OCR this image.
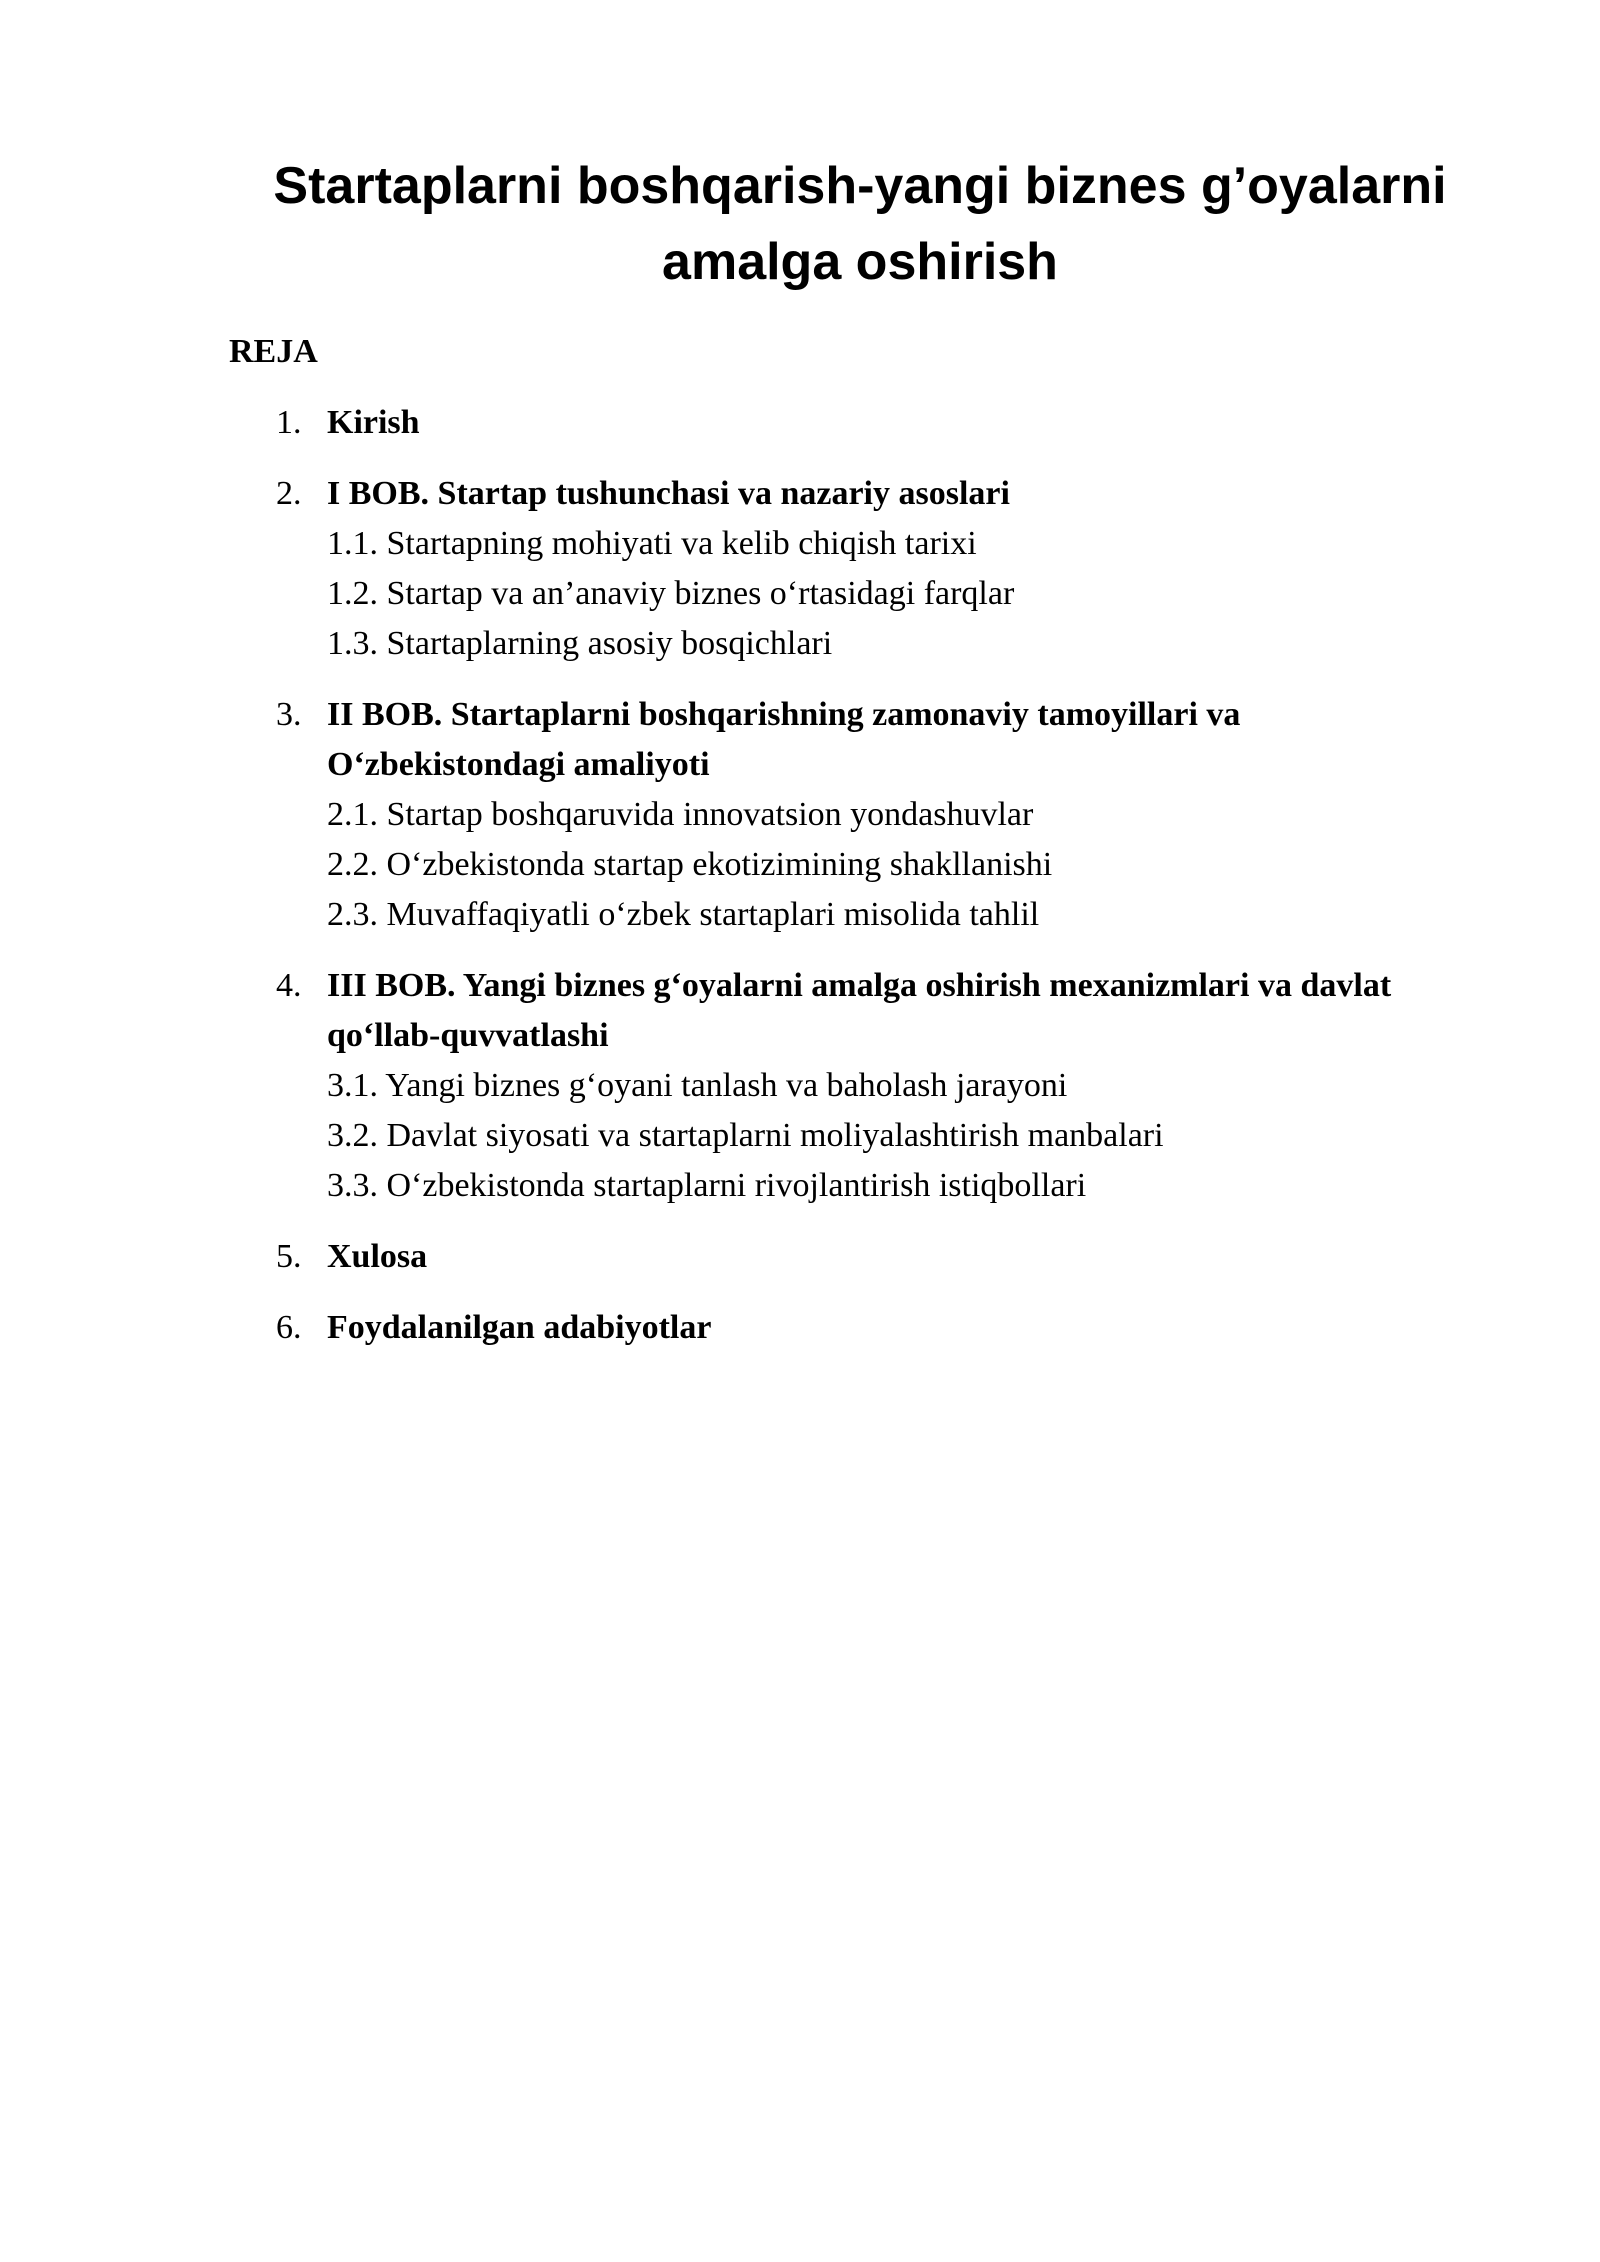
Startaplarni boshqarish-yangi biznes g’oyalarni amalga oshirish
REJA
1. Kirish
2. I BOB. Startap tushunchasi va nazariy asoslari
1.1. Startapning mohiyati va kelib chiqish tarixi
1.2. Startap va an’anaviy biznes o‘rtasidagi farqlar
1.3. Startaplarning asosiy bosqichlari
3. II BOB. Startaplarni boshqarishning zamonaviy tamoyillari va O‘zbekistondagi amaliyoti
2.1. Startap boshqaruvida innovatsion yondashuvlar
2.2. O‘zbekistonda startap ekotizimining shakllanishi
2.3. Muvaffaqiyatli o‘zbek startaplari misolida tahlil
4. III BOB. Yangi biznes g‘oyalarni amalga oshirish mexanizmlari va davlat qo‘llab-quvvatlashi
3.1. Yangi biznes g‘oyani tanlash va baholash jarayoni
3.2. Davlat siyosati va startaplarni moliyalashtirish manbalari
3.3. O‘zbekistonda startaplarni rivojlantirish istiqbollari
5. Xulosa
6. Foydalanilgan adabiyotlar
